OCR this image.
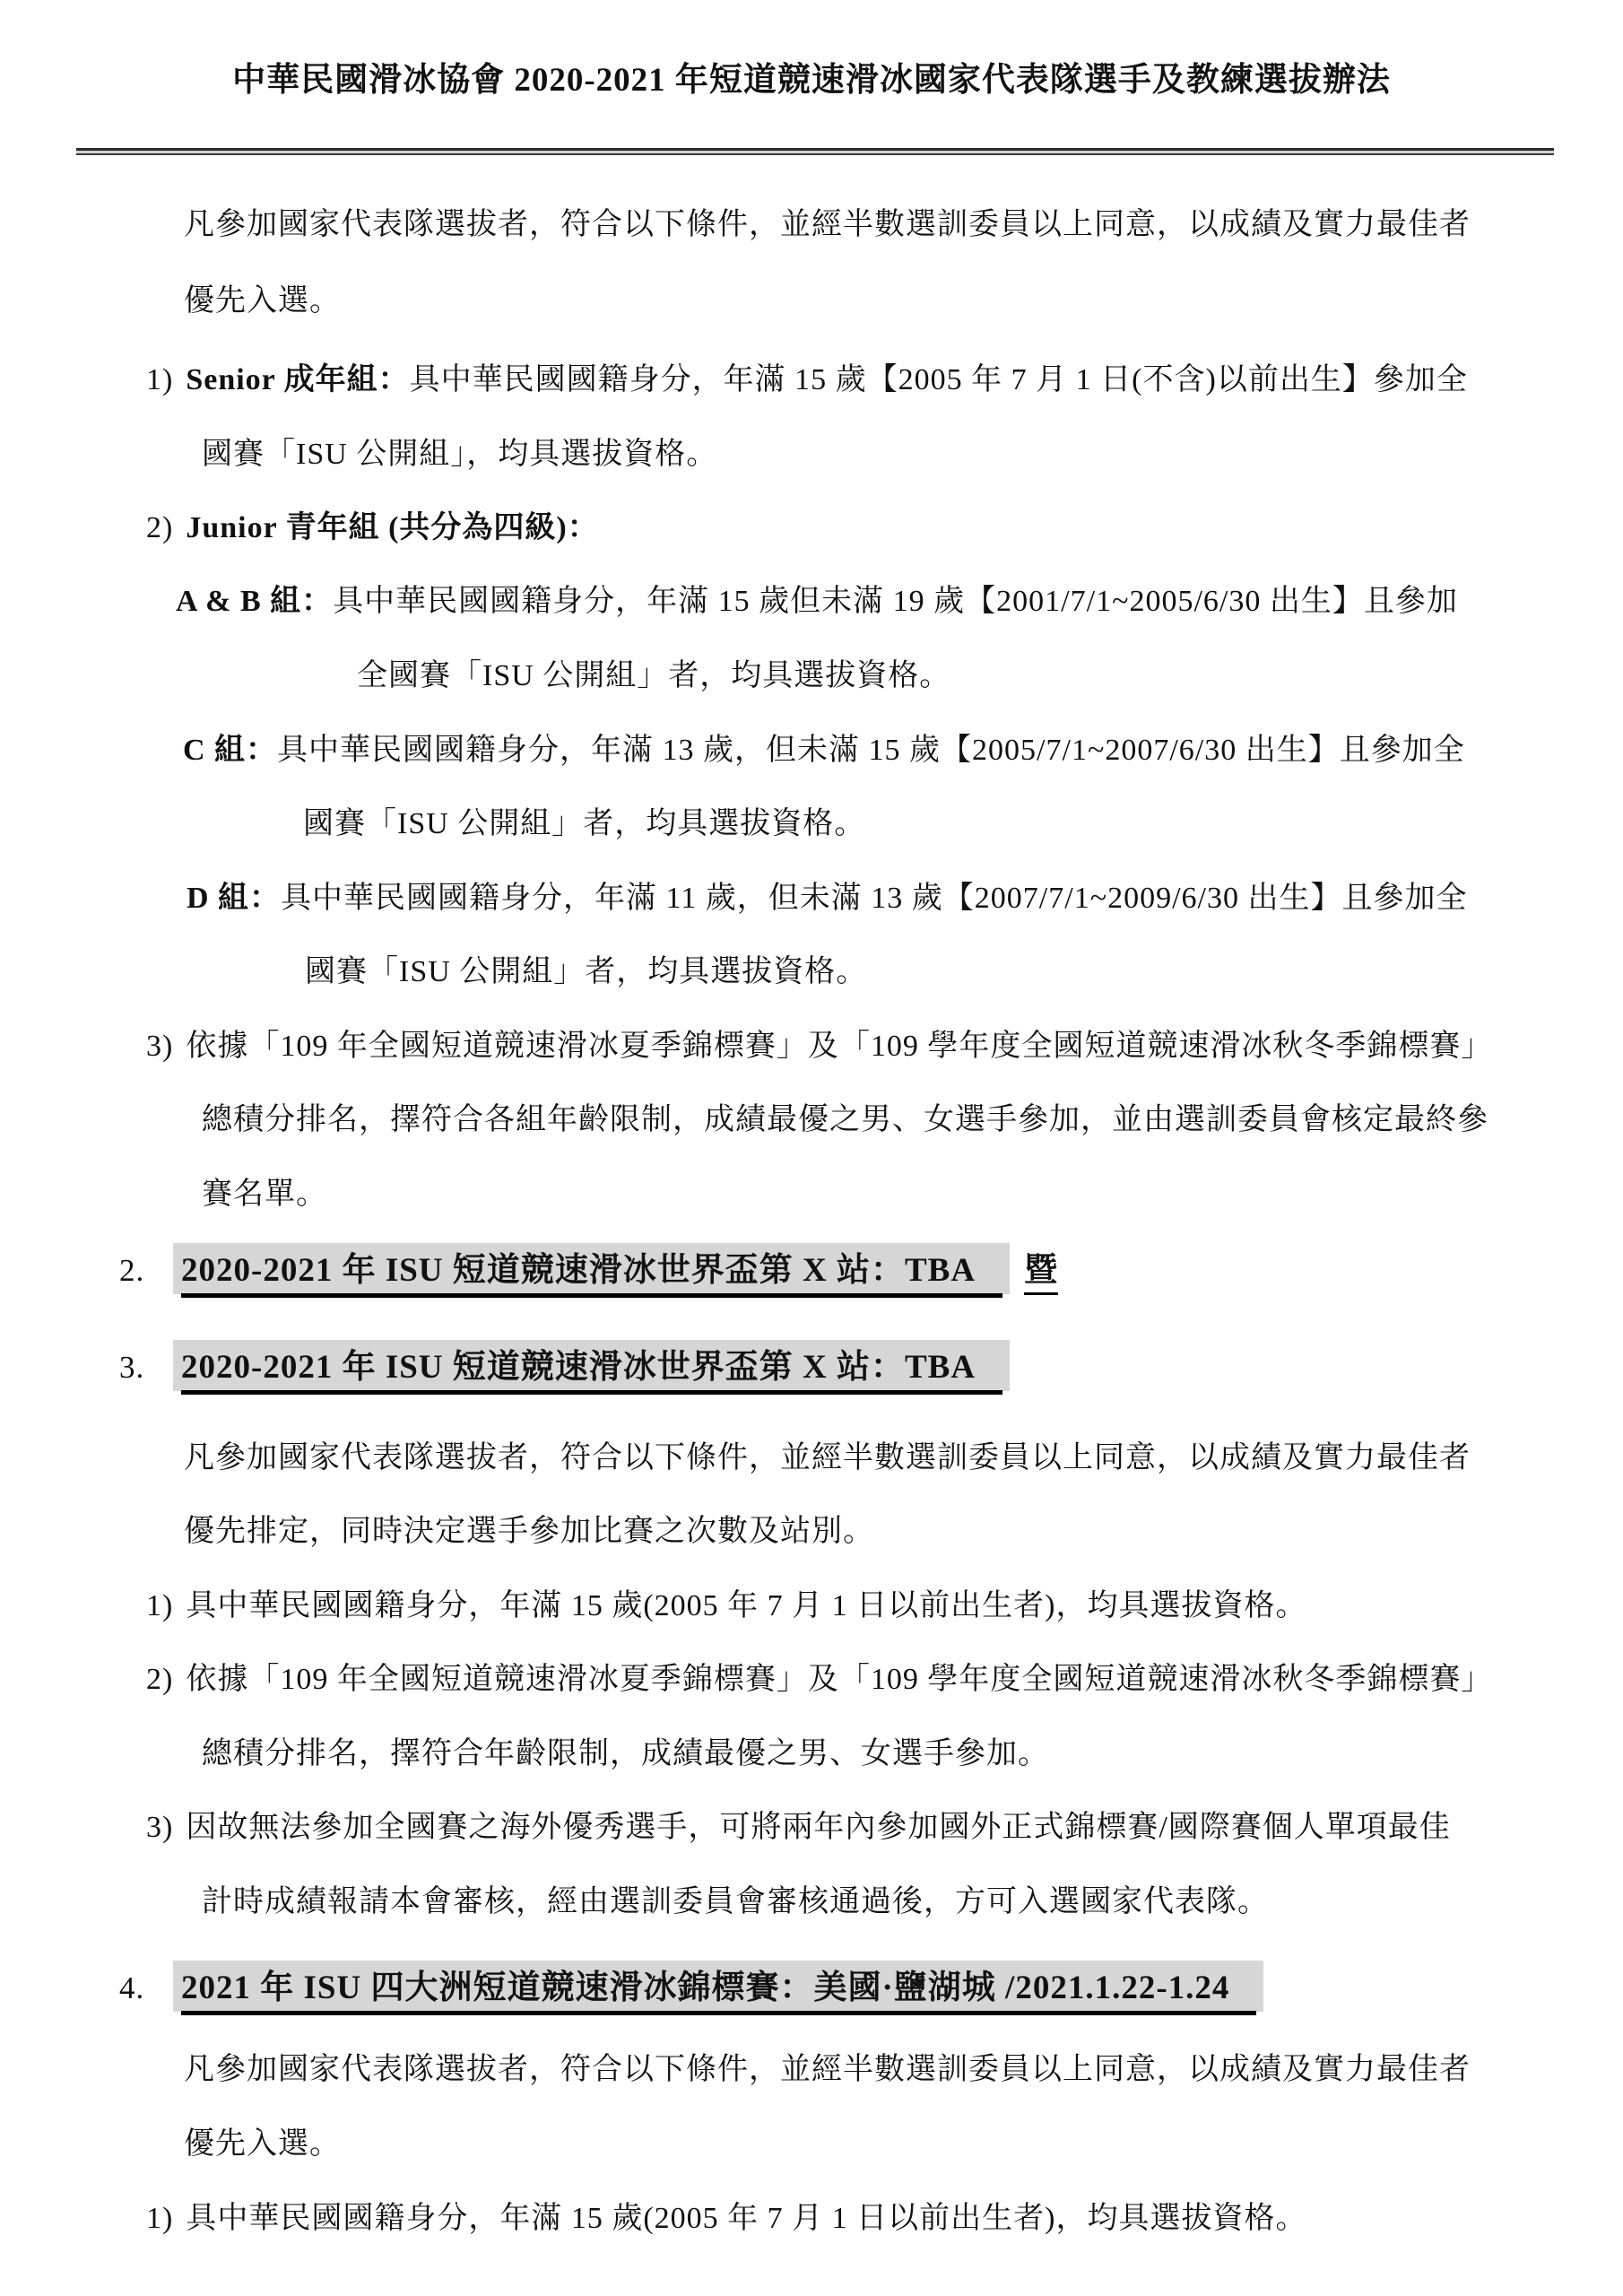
中華民國滑冰協會 2020-2021 年短道競速滑冰國家代表隊選手及教練選拔辦法
凡參加國家代表隊選拔者，符合以下條件，並經半數選訓委員以上同意，以成績及實力最佳者
優先入選。
1) Senior 成年組：具中華民國國籍身分，年滿 15 歲【2005 年 7 月 1 日(不含)以前出生】參加全
國賽「ISU 公開組」，均具選拔資格。
2) Junior 青年組 (共分為四級)：
A & B 組：具中華民國國籍身分，年滿 15 歲但未滿 19 歲【2001/7/1~2005/6/30 出生】且參加
全國賽「ISU 公開組」者，均具選拔資格。
C 組：具中華民國國籍身分，年滿 13 歲，但未滿 15 歲【2005/7/1~2007/6/30 出生】且參加全
國賽「ISU 公開組」者，均具選拔資格。
D 組：具中華民國國籍身分，年滿 11 歲，但未滿 13 歲【2007/7/1~2009/6/30 出生】且參加全
國賽「ISU 公開組」者，均具選拔資格。
3) 依據「109 年全國短道競速滑冰夏季錦標賽」及「109 學年度全國短道競速滑冰秋冬季錦標賽」
總積分排名，擇符合各組年齡限制，成績最優之男、女選手參加，並由選訓委員會核定最終參
賽名單。
2. 2020-2021 年 ISU 短道競速滑冰世界盃第 X 站：TBA 暨
3. 2020-2021 年 ISU 短道競速滑冰世界盃第 X 站：TBA
凡參加國家代表隊選拔者，符合以下條件，並經半數選訓委員以上同意，以成績及實力最佳者
優先排定，同時決定選手參加比賽之次數及站別。
1) 具中華民國國籍身分，年滿 15 歲(2005 年 7 月 1 日以前出生者)，均具選拔資格。
2) 依據「109 年全國短道競速滑冰夏季錦標賽」及「109 學年度全國短道競速滑冰秋冬季錦標賽」
總積分排名，擇符合年齡限制，成績最優之男、女選手參加。
3) 因故無法參加全國賽之海外優秀選手，可將兩年內參加國外正式錦標賽/國際賽個人單項最佳
計時成績報請本會審核，經由選訓委員會審核通過後，方可入選國家代表隊。
4. 2021 年 ISU 四大洲短道競速滑冰錦標賽：美國·鹽湖城 /2021.1.22-1.24
凡參加國家代表隊選拔者，符合以下條件，並經半數選訓委員以上同意，以成績及實力最佳者
優先入選。
1) 具中華民國國籍身分，年滿 15 歲(2005 年 7 月 1 日以前出生者)，均具選拔資格。
